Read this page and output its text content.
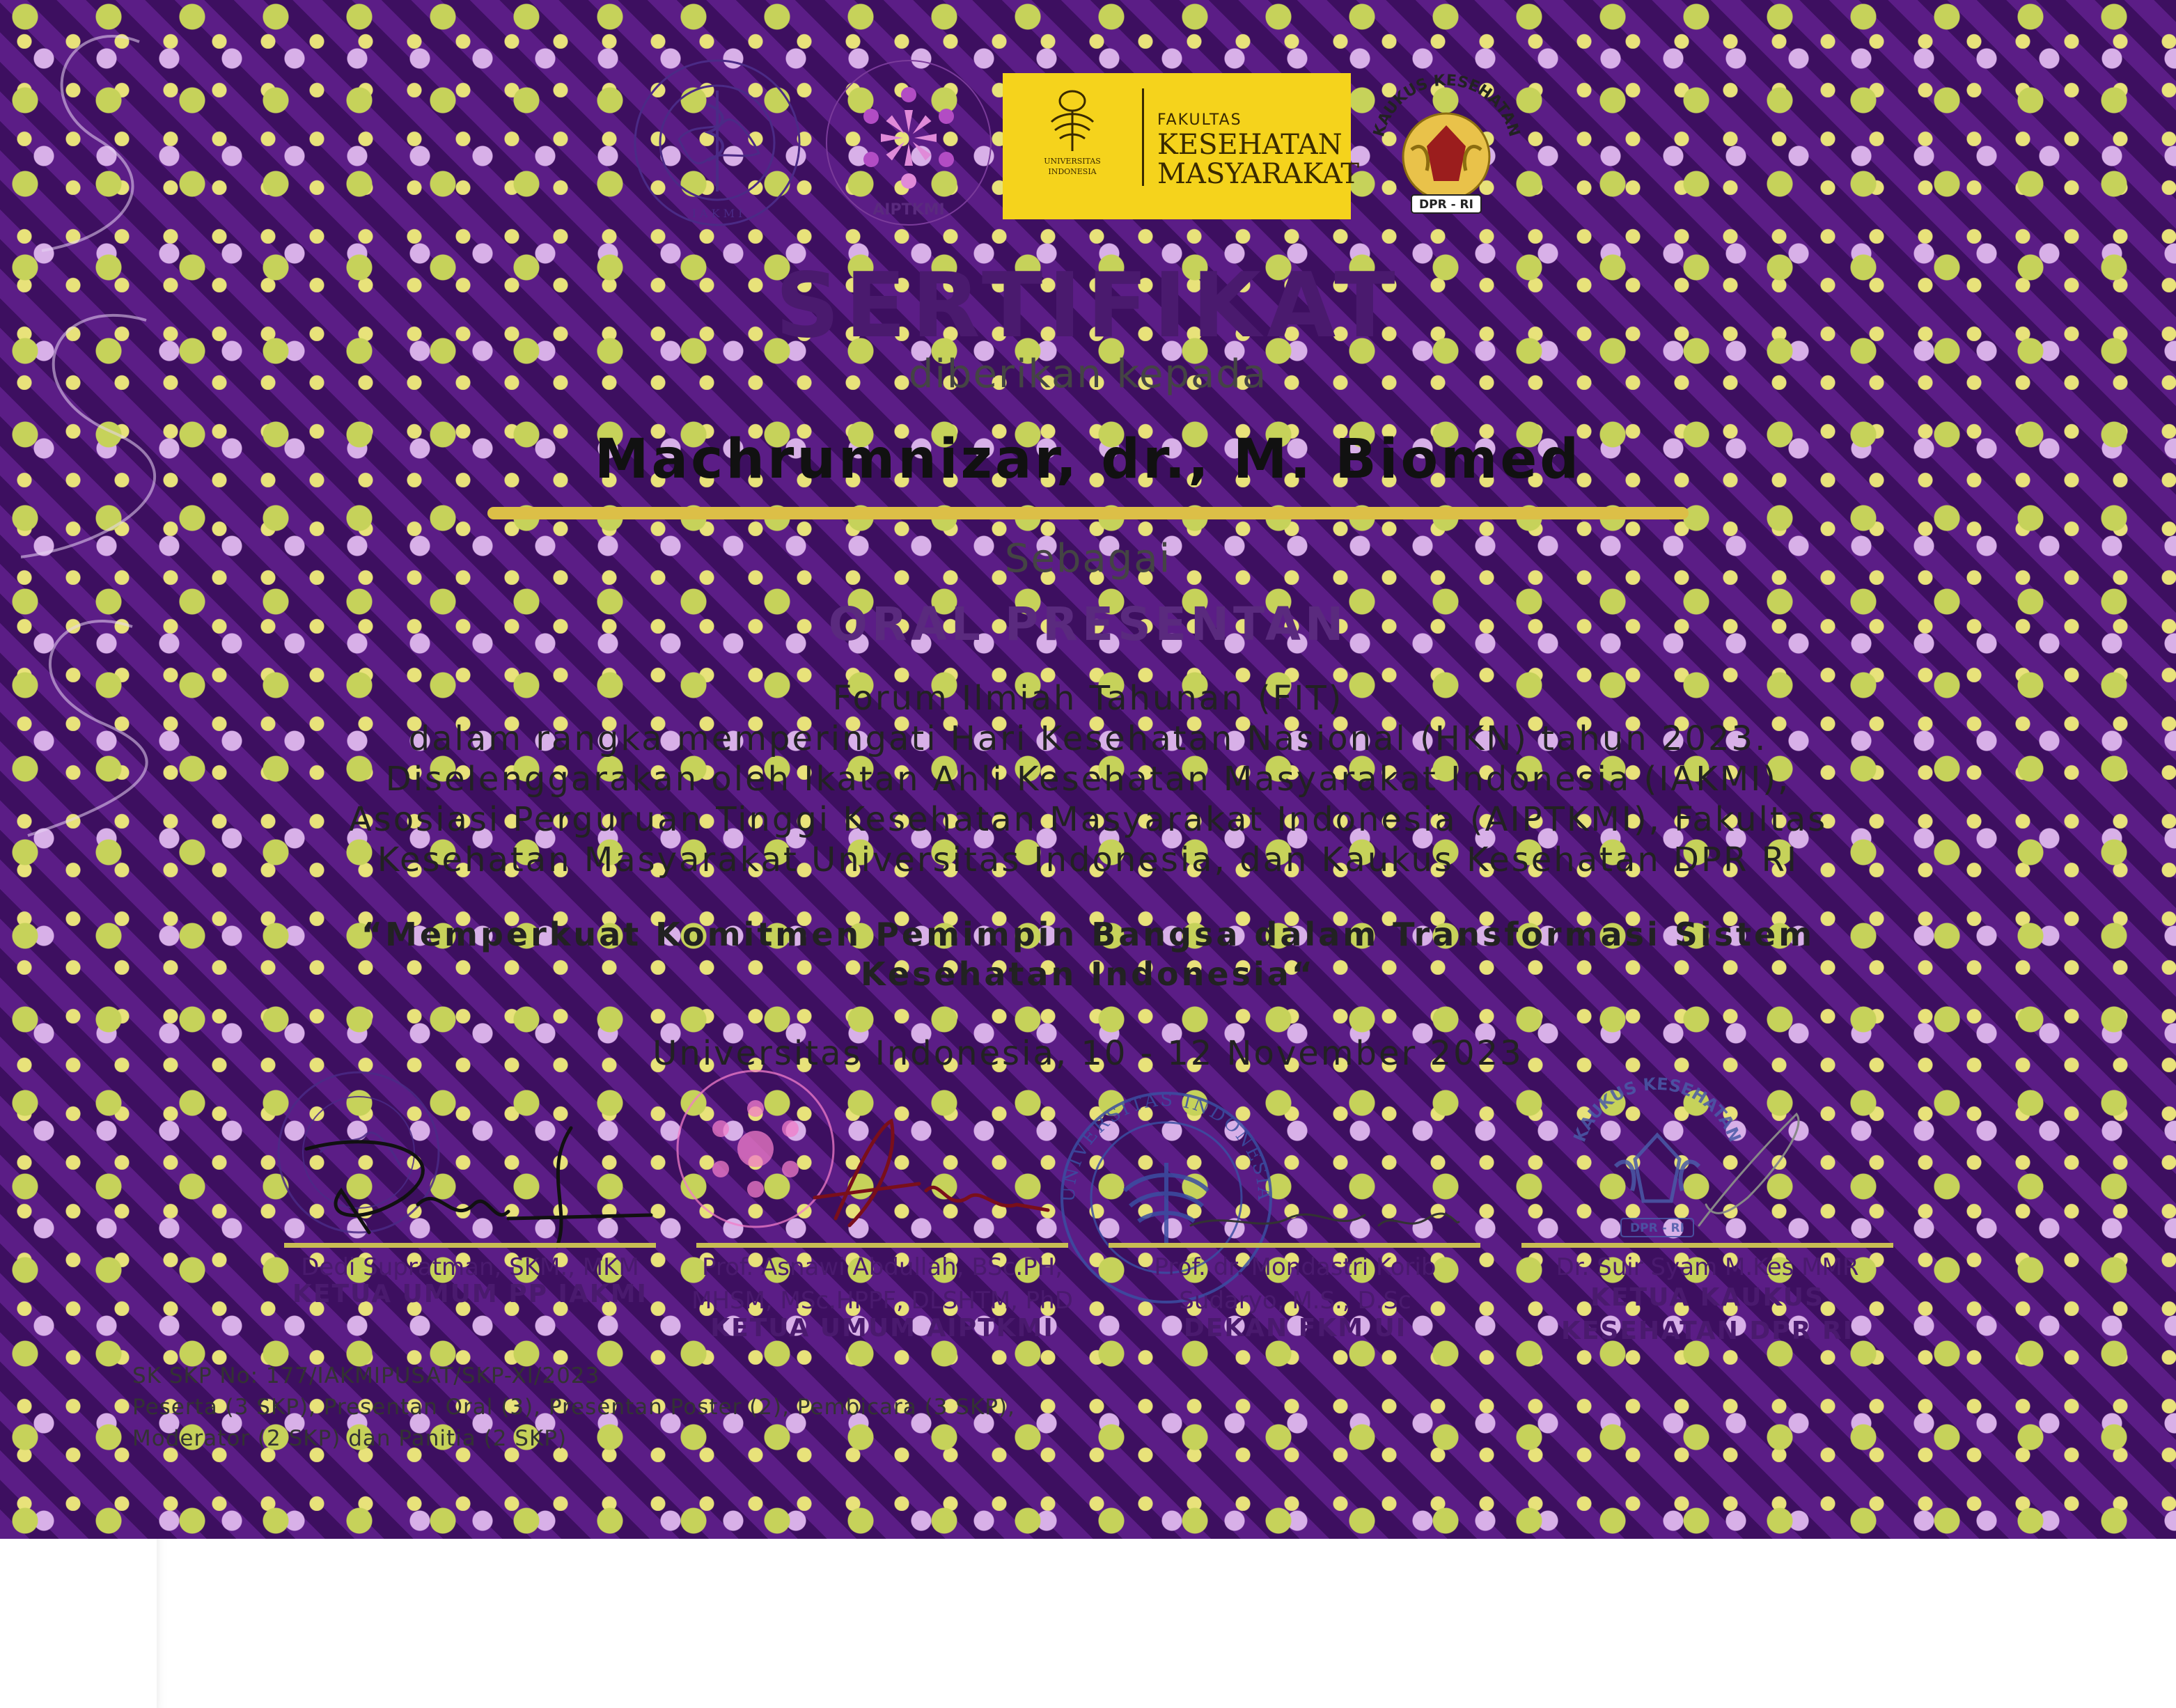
I A K M I	AIPTKMI
UNIVERSITAS
INDONESIA
FAKULTAS
KESEHATAN
MASYARAKAT
KAUKUS KESEHATAN
DPR - RI
SERTIFIKAT
diberikan kepada
Machrumnizar, dr., M. Biomed
Sebagai
ORAL PRESENTAN
Forum Ilmiah Tahunan (FIT)
dalam rangka memperingati Hari Kesehatan Nasional (HKN) tahun 2023.
Diselenggarakan oleh Ikatan Ahli Kesehatan Masyarakat Indonesia (IAKMI),
Asosiasi Perguruan Tinggi Kesehatan Masyarakat Indonesia (AIPTKMI), Fakultas
Kesehatan Masyarakat Universitas Indonesia, dan Kaukus Kesehatan DPR RI
“Memperkuat Komitmen Pemimpin Bangsa dalam Transformasi Sistem
Kesehatan Indonesia“
Universitas Indonesia, 10 - 12 November 2023
UNIVERSITAS INDONESIA
KAUKUS KESEHATAN
DPR - RI
Dedi Supratman, SKM., MKM
KETUA UMUM PP IAKMI
Prof. Asnawi Abdullah, BSc.PH,
MHSM, MSc.HPPF, DLSHTM, PhD
KETUA UMUM AIPTKMI
Prof. dr. Mondastri Korib
Sudaryo, M.S., D.Sc
DEKAN FKM UI
Dr. Suir Syam M.Kes MMR
KETUA KAUKUS
KESEHATAN DPR RI
SK SKP No: 177/IAKMIPUSAT/SKP-XI/2023
Peserta (3 SKP), Presentan Oral (3), Presentan Poster (2), Pembicara (3 SKP),
Moderator (2 SKP) dan Panitia (2 SKP)
